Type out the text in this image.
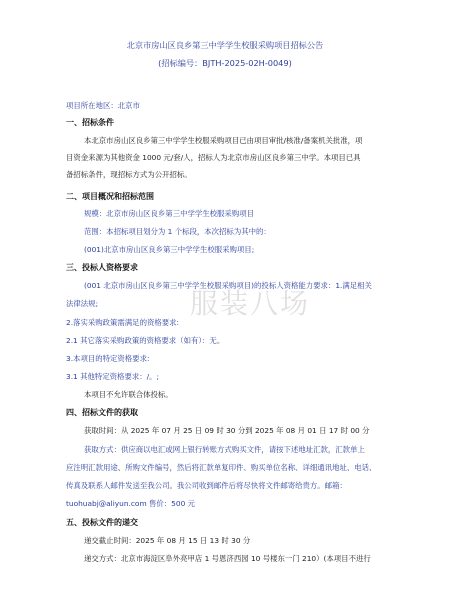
北京市房山区良乡第三中学学生校服采购项目招标公告
(招标编号：BJTH-2025-02H-0049)
项目所在地区：北京市
一、招标条件
本北京市房山区良乡第三中学学生校服采购项目已由项目审批/核准/备案机关批准，项
目资金来源为其他资金 1000 元/套/人，招标人为北京市房山区良乡第三中学。本项目已具
备招标条件，现招标方式为公开招标。
二、项目概况和招标范围
规模：北京市房山区良乡第三中学学生校服采购项目
范围：本招标项目划分为 1 个标段，本次招标为其中的：
(001)北京市房山区良乡第三中学学生校服采购项目;
三、投标人资格要求
(001 北京市房山区良乡第三中学学生校服采购项目)的投标人资格能力要求：1.满足相关
法律法规;
2.落实采购政策需满足的资格要求:
2.1 其它落实采购政策的资格要求（如有）：无。
3.本项目的特定资格要求:
3.1 其他特定资格要求：/。;
本项目不允许联合体投标。
四、招标文件的获取
获取时间：从 2025 年 07 月 25 日 09 时 30 分到 2025 年 08 月 01 日 17 时 00 分
获取方式：供应商以电汇或网上银行转账方式购买文件，请按下述地址汇款，汇款单上
应注明汇款用途、所购文件编号，然后将汇款单复印件、购买单位名称、详细通讯地址、电话、
传真及联系人邮件发送至我公司。我公司收到邮件后将尽快将文件邮寄给贵方。邮箱：
tuohuabj@aliyun.com 售价：500 元
五、投标文件的递交
递交截止时间：2025 年 08 月 15 日 13 时 30 分
递交方式：北京市海淀区阜外亮甲店 1 号恩济西园 10 号楼东一门 210）(本项目不进行
服装八场
